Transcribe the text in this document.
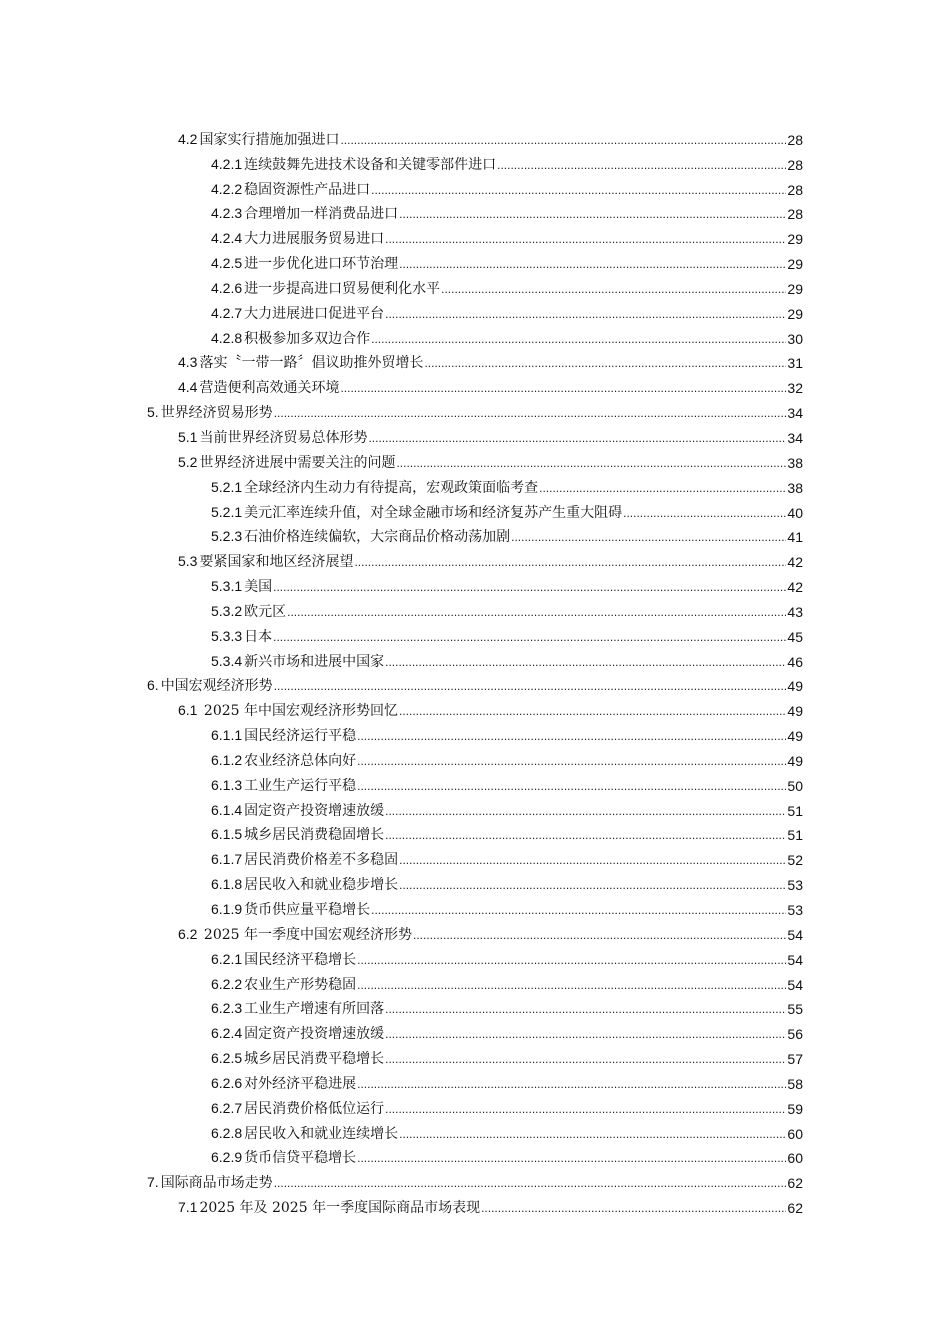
4.2 国家实行措施加强进口 .....	28
4.2.1 连续鼓舞先进技术设备和关键零部件进口 .....	28
4.2.2 稳固资源性产品进口 .....	28
4.2.3 合理增加一样消费品进口 .....	28
4.2.4 大力进展服务贸易进口 .....	29
4.2.5 进一步优化进口环节治理 .....	29
4.2.6 进一步提高进口贸易便利化水平 .....	29
4.2.7 大力进展进口促进平台 .....	29
4.2.8 积极参加多双边合作 .....	30
4.3 落实〝一带一路〞倡议助推外贸增长 .....	31
4.4 营造便利高效通关环境 .....	32
5. 世界经济贸易形势 .....	34
5.1 当前世界经济贸易总体形势 .....	34
5.2 世界经济进展中需要关注的问题 .....	38
5.2.1 全球经济内生动力有待提高，宏观政策面临考查 .....	38
5.2.1 美元汇率连续升值，对全球金融市场和经济复苏产生重大阻碍 .....	40
5.2.3 石油价格连续偏软，大宗商品价格动荡加剧 .....	41
5.3 要紧国家和地区经济展望 .....	42
5.3.1 美国 .....	42
5.3.2 欧元区 .....	43
5.3.3 日本 .....	45
5.3.4 新兴市场和进展中国家 .....	46
6. 中国宏观经济形势 .....	49
6.1 2025 年中国宏观经济形势回忆 .....	49
6.1.1 国民经济运行平稳 .....	49
6.1.2 农业经济总体向好 .....	49
6.1.3 工业生产运行平稳 .....	50
6.1.4 固定资产投资增速放缓 .....	51
6.1.5 城乡居民消费稳固增长 .....	51
6.1.7 居民消费价格差不多稳固 .....	52
6.1.8 居民收入和就业稳步增长 .....	53
6.1.9 货币供应量平稳增长 .....	53
6.2 2025 年一季度中国宏观经济形势 .....	54
6.2.1 国民经济平稳增长 .....	54
6.2.2 农业生产形势稳固 .....	54
6.2.3 工业生产增速有所回落 .....	55
6.2.4 固定资产投资增速放缓 .....	56
6.2.5 城乡居民消费平稳增长 .....	57
6.2.6 对外经济平稳进展 .....	58
6.2.7 居民消费价格低位运行 .....	59
6.2.8 居民收入和就业连续增长 .....	60
6.2.9 货币信贷平稳增长 .....	60
7. 国际商品市场走势 .....	62
7.1 2025 年及 2025 年一季度国际商品市场表现 .....	62
